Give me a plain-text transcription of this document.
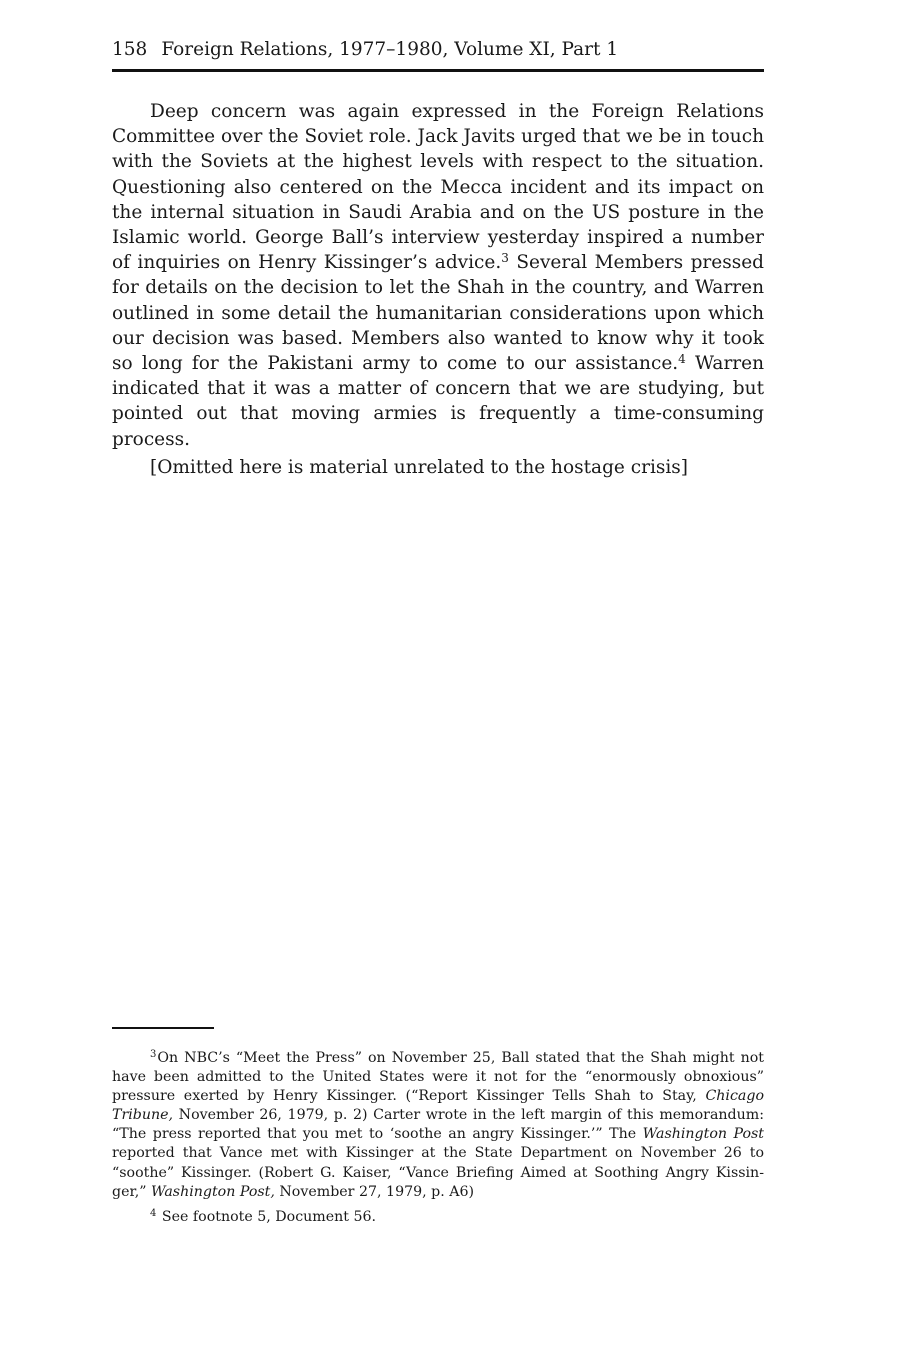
158 Foreign Relations, 1977–1980, Volume XI, Part 1

Deep concern was again expressed in the Foreign Relations Committee over the Soviet role. Jack Javits urged that we be in touch with the Soviets at the highest levels with respect to the situation. Questioning also centered on the Mecca incident and its impact on the internal situation in Saudi Arabia and on the US posture in the Islamic world. George Ball’s interview yesterday inspired a number of inquiries on Henry Kissinger’s advice.$^3$ Several Members pressed for details on the decision to let the Shah in the country, and Warren outlined in some detail the humanitarian considerations upon which our decision was based. Members also wanted to know why it took so long for the Pakistani army to come to our assistance.$^4$ Warren indicated that it was a matter of concern that we are studying, but pointed out that moving armies is frequently a time-consuming process.

[Omitted here is material unrelated to the hostage crisis]

$^3$On NBC’s “Meet the Press” on November 25, Ball stated that the Shah might not have been admitted to the United States were it not for the “enormously obnoxious” pressure exerted by Henry Kissinger. (“Report Kissinger Tells Shah to Stay, Chicago Tribune, November 26, 1979, p. 2) Carter wrote in the left margin of this memorandum: “The press reported that you met to ‘soothe an angry Kissinger.’” The Washington Post reported that Vance met with Kissinger at the State Department on November 26 to “soothe” Kissinger. (Robert G. Kaiser, “Vance Briefing Aimed at Soothing Angry Kissinger,” Washington Post, November 27, 1979, p. A6)

$^4$ See footnote 5, Document 56.
